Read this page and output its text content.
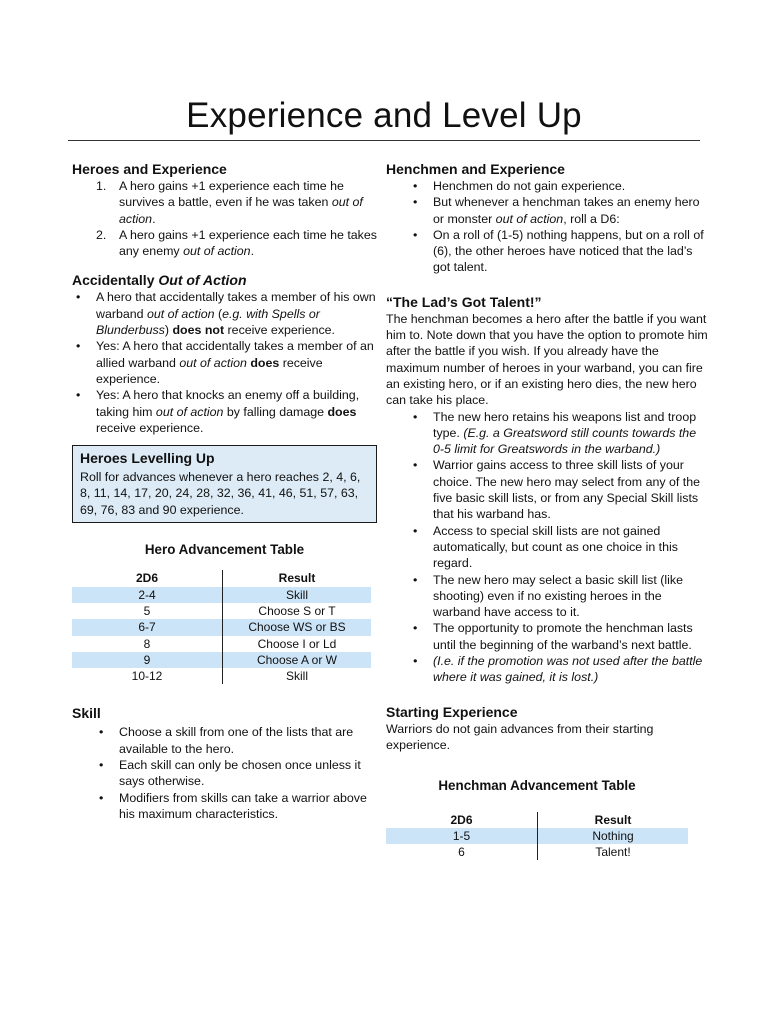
Experience and Level Up
Heroes and Experience
1. A hero gains +1 experience each time he survives a battle, even if he was taken out of action.
2. A hero gains +1 experience each time he takes any enemy out of action.
Accidentally Out of Action
• A hero that accidentally takes a member of his own warband out of action (e.g. with Spells or Blunderbuss) does not receive experience.
• Yes: A hero that accidentally takes a member of an allied warband out of action does receive experience.
• Yes: A hero that knocks an enemy off a building, taking him out of action by falling damage does receive experience.
Heroes Levelling Up
Roll for advances whenever a hero reaches 2, 4, 6, 8, 11, 14, 17, 20, 24, 28, 32, 36, 41, 46, 51, 57, 63, 69, 76, 83 and 90 experience.
Hero Advancement Table
2D6	Result
2-4	Skill
5	Choose S or T
6-7	Choose WS or BS
8	Choose I or Ld
9	Choose A or W
10-12	Skill
Skill
• Choose a skill from one of the lists that are available to the hero.
• Each skill can only be chosen once unless it says otherwise.
• Modifiers from skills can take a warrior above his maximum characteristics.
Henchmen and Experience
• Henchmen do not gain experience.
• But whenever a henchman takes an enemy hero or monster out of action, roll a D6:
• On a roll of (1-5) nothing happens, but on a roll of (6), the other heroes have noticed that the lad’s got talent.
“The Lad’s Got Talent!”
The henchman becomes a hero after the battle if you want him to. Note down that you have the option to promote him after the battle if you wish. If you already have the maximum number of heroes in your warband, you can fire an existing hero, or if an existing hero dies, the new hero can take his place.
• The new hero retains his weapons list and troop type. (E.g. a Greatsword still counts towards the 0-5 limit for Greatswords in the warband.)
• Warrior gains access to three skill lists of your choice. The new hero may select from any of the five basic skill lists, or from any Special Skill lists that his warband has.
• Access to special skill lists are not gained automatically, but count as one choice in this regard.
• The new hero may select a basic skill list (like shooting) even if no existing heroes in the warband have access to it.
• The opportunity to promote the henchman lasts until the beginning of the warband’s next battle.
• (I.e. if the promotion was not used after the battle where it was gained, it is lost.)
Starting Experience
Warriors do not gain advances from their starting experience.
Henchman Advancement Table
2D6	Result
1-5	Nothing
6	Talent!
